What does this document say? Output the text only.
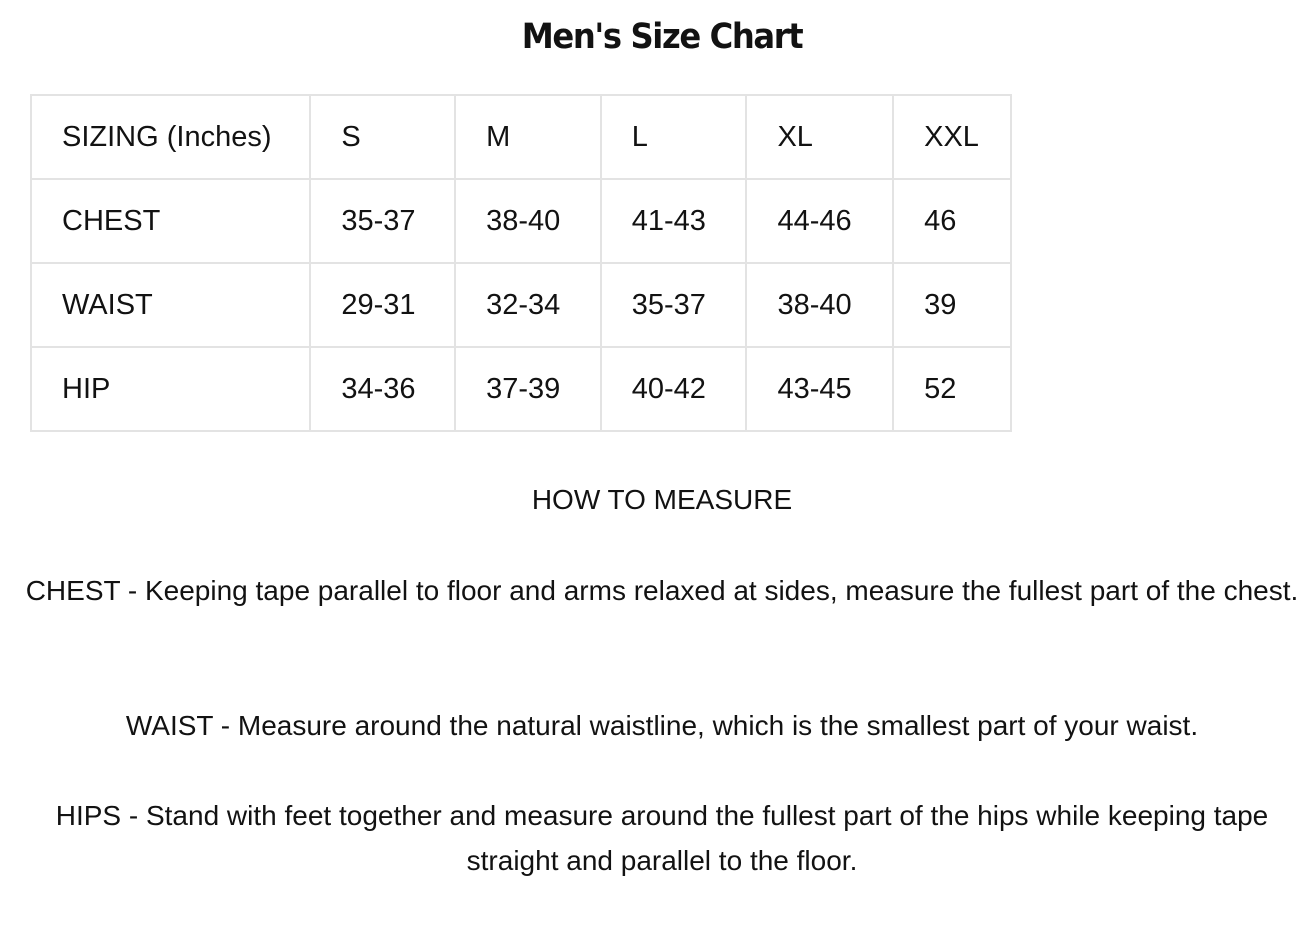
Men's Size Chart
SIZING (Inches)	S	M	L	XL	XXL
CHEST	35-37	38-40	41-43	44-46	46
WAIST	29-31	32-34	35-37	38-40	39
HIP	34-36	37-39	40-42	43-45	52
HOW TO MEASURE
CHEST - Keeping tape parallel to floor and arms relaxed at sides, measure the fullest part of the chest.
WAIST - Measure around the natural waistline, which is the smallest part of your waist.
HIPS - Stand with feet together and measure around the fullest part of the hips while keeping tape straight and parallel to the floor.
